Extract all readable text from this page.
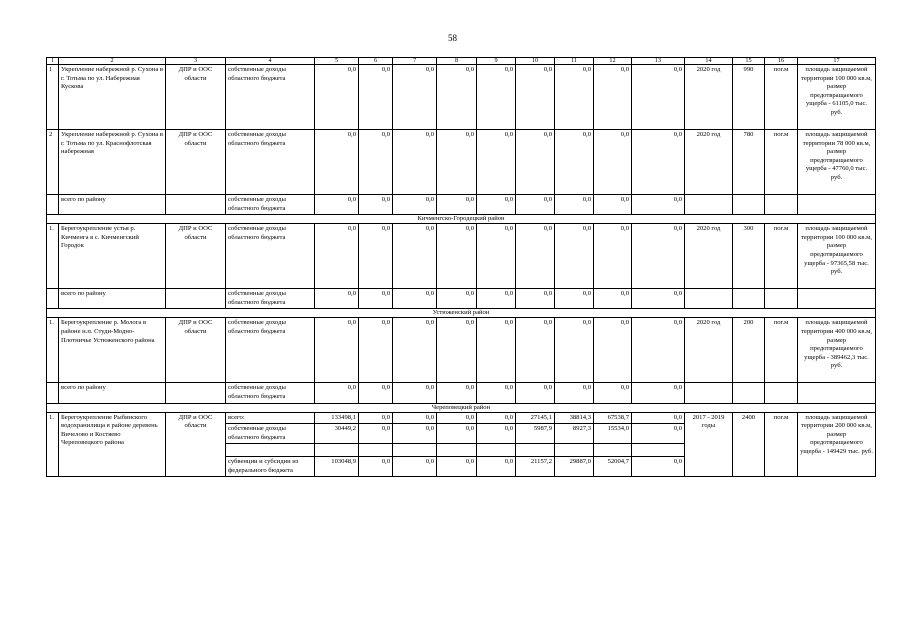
58
1	2	3	4	5	6	7	8	9	10	11	12	13	14	15	16	17
1	Укрепление набережной р. Сухона в г. Тотьма по ул. Набережная Кускова	ДПР и ООС области	собственные доходы областного бюджета	0,0	0,0	0,0	0,0	0,0	0,0	0,0	0,0	0,0	2020 год	990	пог.м	площадь защищаемой территории 100 000 кв.м, размер предотвращаемого ущерба - 61105,0 тыс. руб.
2	Укрепление набережной р. Сухона в г. Тотьма по ул. Краснофлотская набережная	ДПР и ООС области	собственные доходы областного бюджета	0,0	0,0	0,0	0,0	0,0	0,0	0,0	0,0	0,0	2020 год	780	пог.м	площадь защищаемой территории 78 000 кв.м, размер предотвращаемого ущерба - 47760,0 тыс. руб.
	всего по району		собственные доходы областного бюджета	0,0	0,0	0,0	0,0	0,0	0,0	0,0	0,0	0,0				
Кичменгско-Городецкий район																
1.	Берегоукрепление устья р. Кичменга в с. Кичменгский Городок	ДПР и ООС области	собственные доходы областного бюджета	0,0	0,0	0,0	0,0	0,0	0,0	0,0	0,0	0,0	2020 год	300	пог.м	площадь защищаемой территории 100 000 кв.м, размер предотвращаемого ущерба - 97365,58 тыс. руб.
	всего по району		собственные доходы областного бюджета	0,0	0,0	0,0	0,0	0,0	0,0	0,0	0,0	0,0				
Устюженский район																
1.	Берегоукрепление р. Молога в районе н.п. Студи-Модно-Плотничье Устюженского района	ДПР и ООС области	собственные доходы областного бюджета	0,0	0,0	0,0	0,0	0,0	0,0	0,0	0,0	0,0	2020 год	200	пог.м	площадь защищаемой территории 400 000 кв.м, размер предотвращаемого ущерба - 389462,3 тыс. руб.
	всего по району		собственные доходы областного бюджета	0,0	0,0	0,0	0,0	0,0	0,0	0,0	0,0	0,0				
Череповецкий район																
1.	Берегоукрепление Рыбинского водохранилища в районе деревень Вичелово и Костяево Череповецкого района	ДПР и ООС области	всего:	133498,1	0,0	0,0	0,0	0,0	27145,1	38814,3	67538,7	0,0	2017 - 2019 годы	2400	пог.м	площадь защищаемой территории 200 000 кв.м, размер предотвращаемого ущерба - 149429 тыс. руб.
			собственные доходы областного бюджета	30449,2	0,0	0,0	0,0	0,0	5987,9	8927,3	15534,0	0,0				

			субвенции и субсидии из федерального бюджета	103048,9	0,0	0,0	0,0	0,0	21157,2	29887,0	52004,7	0,0				
